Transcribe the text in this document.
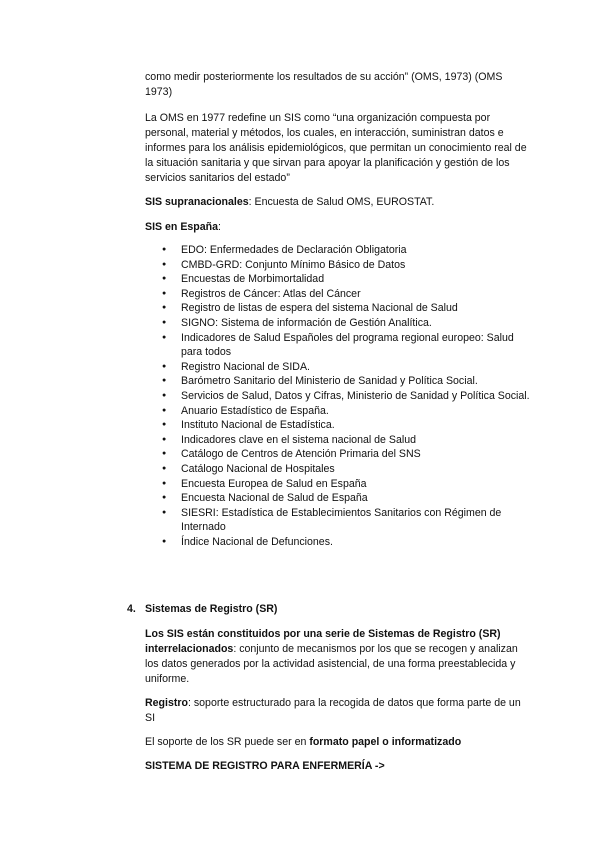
como medir posteriormente los resultados de su acción” (OMS, 1973) (OMS 1973)

La OMS en 1977 redefine un SIS como “una organización compuesta por personal, material y métodos, los cuales, en interacción, suministran datos e informes para los análisis epidemiológicos, que permitan un conocimiento real de la situación sanitaria y que sirvan para apoyar la planificación y gestión de los servicios sanitarios del estado”

SIS supranacionales: Encuesta de Salud OMS, EUROSTAT.

SIS en España:

● EDO: Enfermedades de Declaración Obligatoria
● CMBD-GRD: Conjunto Mínimo Básico de Datos
● Encuestas de Morbimortalidad
● Registros de Cáncer: Atlas del Cáncer
● Registro de listas de espera del sistema Nacional de Salud
● SIGNO: Sistema de información de Gestión Analítica.
● Indicadores de Salud Españoles del programa regional europeo: Salud para todos
● Registro Nacional de SIDA.
● Barómetro Sanitario del Ministerio de Sanidad y Política Social.
● Servicios de Salud, Datos y Cifras, Ministerio de Sanidad y Política Social.
● Anuario Estadístico de España.
● Instituto Nacional de Estadística.
● Indicadores clave en el sistema nacional de Salud
● Catálogo de Centros de Atención Primaria del SNS
● Catálogo Nacional de Hospitales
● Encuesta Europea de Salud en España
● Encuesta Nacional de Salud de España
● SIESRI: Estadística de Establecimientos Sanitarios con Régimen de Internado
● Índice Nacional de Defunciones.
4. Sistemas de Registro (SR)

Los SIS están constituidos por una serie de Sistemas de Registro (SR) interrelacionados: conjunto de mecanismos por los que se recogen y analizan los datos generados por la actividad asistencial, de una forma preestablecida y uniforme.

Registro: soporte estructurado para la recogida de datos que forma parte de un SI

El soporte de los SR puede ser en formato papel o informatizado

SISTEMA DE REGISTRO PARA ENFERMERÍA ->
